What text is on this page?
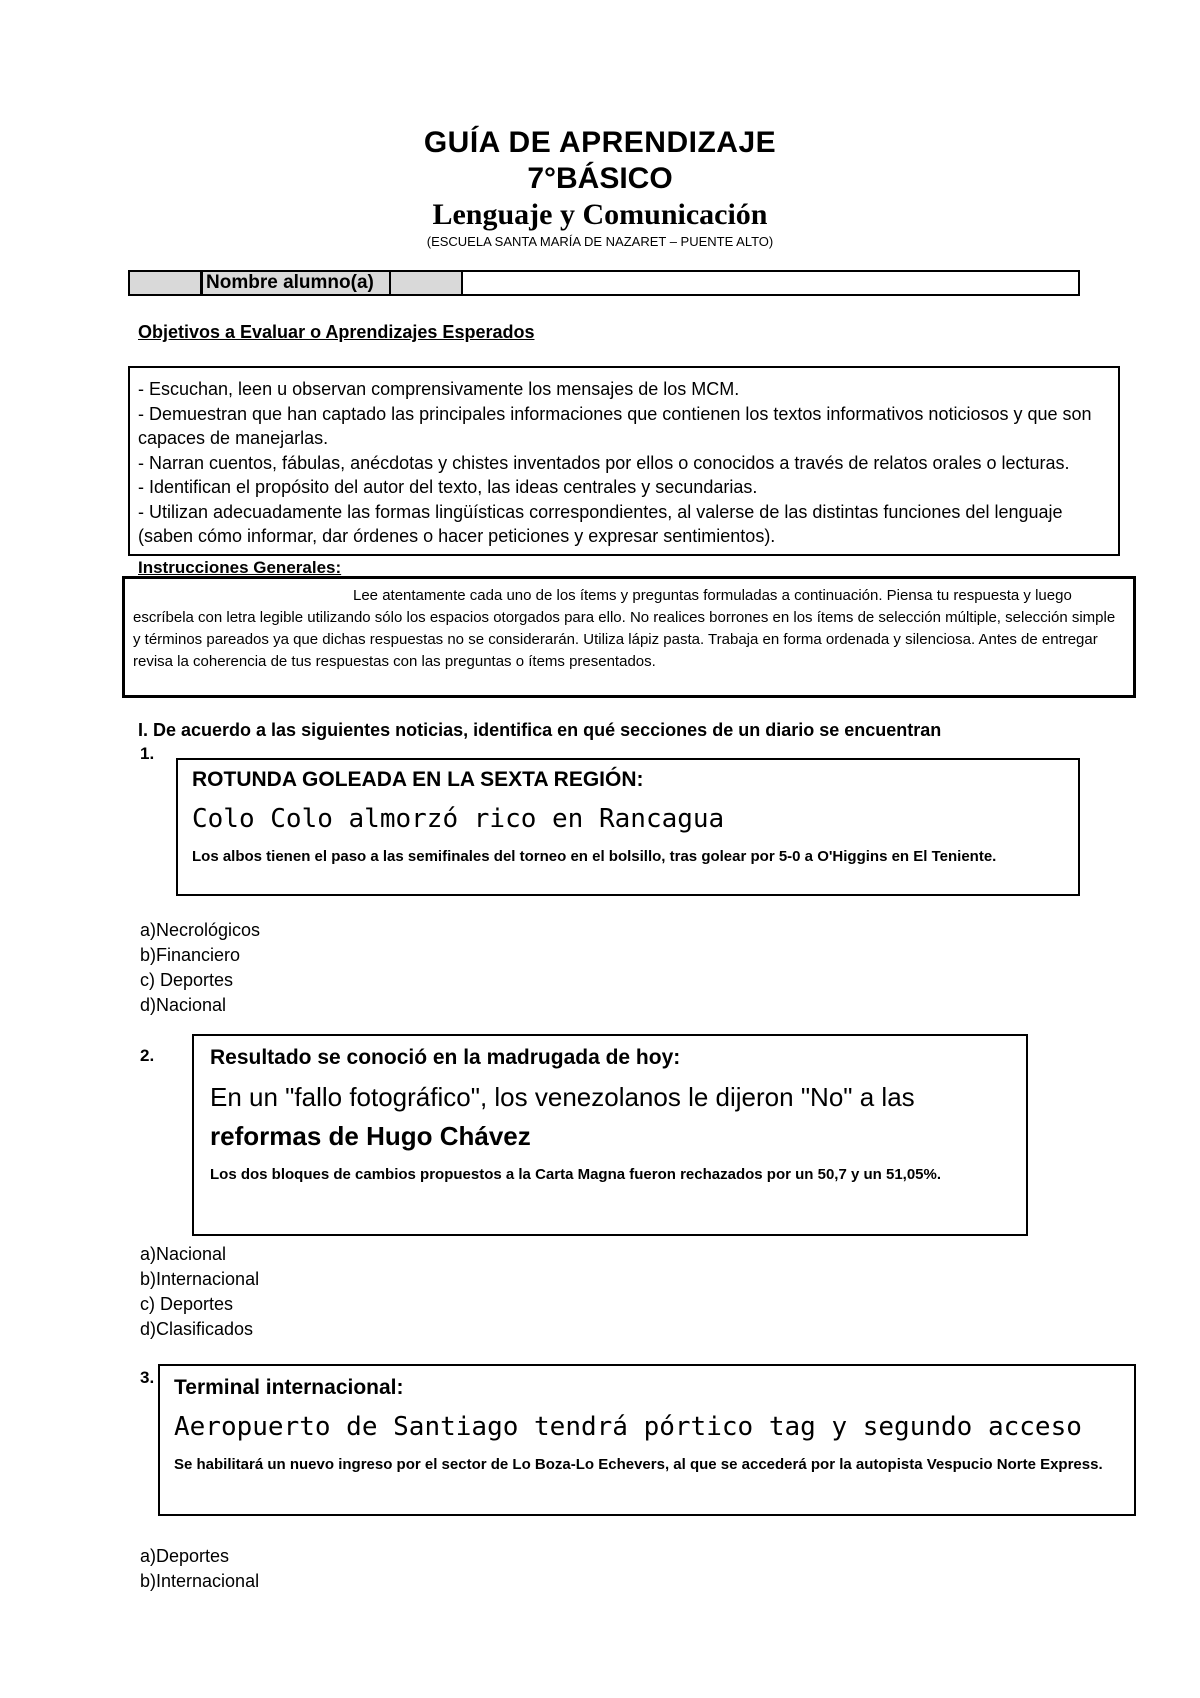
GUÍA DE APRENDIZAJE
7°BÁSICO
Lenguaje y Comunicación
(ESCUELA SANTA MARÍA DE NAZARET – PUENTE ALTO)
Nombre alumno(a)
Objetivos a Evaluar o Aprendizajes Esperados
- Escuchan, leen u observan comprensivamente los mensajes de los MCM.
- Demuestran que han captado las principales informaciones que contienen los textos informativos noticiosos y que son capaces de manejarlas.
- Narran cuentos, fábulas, anécdotas y chistes inventados por ellos o conocidos a través de relatos orales o lecturas.
- Identifican el propósito del autor del texto, las ideas centrales y secundarias.
- Utilizan adecuadamente las formas lingüísticas correspondientes, al valerse de las distintas funciones del lenguaje (saben cómo informar, dar órdenes o hacer peticiones y expresar sentimientos).
Instrucciones Generales:
Lee atentamente cada uno de los ítems y preguntas formuladas a continuación. Piensa tu respuesta y luego escríbela con letra legible utilizando sólo los espacios otorgados para ello. No realices borrones en los ítems de selección múltiple, selección simple y términos pareados ya que dichas respuestas no se considerarán. Utiliza lápiz pasta. Trabaja en forma ordenada y silenciosa. Antes de entregar revisa la coherencia de tus respuestas con las preguntas o ítems presentados.
I. De acuerdo a las siguientes noticias, identifica en qué secciones de un diario se encuentran
1.
ROTUNDA GOLEADA EN LA SEXTA REGIÓN:
Colo Colo almorzó rico en Rancagua
Los albos tienen el paso a las semifinales del torneo en el bolsillo, tras golear por 5-0 a O'Higgins en El Teniente.
a)Necrológicos
b)Financiero
c) Deportes
d)Nacional
2.	Resultado se conoció en la madrugada de hoy:
En un "fallo fotográfico", los venezolanos le dijeron "No" a las
reformas de Hugo Chávez
Los dos bloques de cambios propuestos a la Carta Magna fueron rechazados por un 50,7 y un 51,05%.
a)Nacional
b)Internacional
c) Deportes
d)Clasificados
3. Terminal internacional:
Aeropuerto de Santiago tendrá pórtico tag y segundo acceso
Se habilitará un nuevo ingreso por el sector de Lo Boza-Lo Echevers, al que se accederá por la autopista Vespucio Norte Express.
a)Deportes
b)Internacional
